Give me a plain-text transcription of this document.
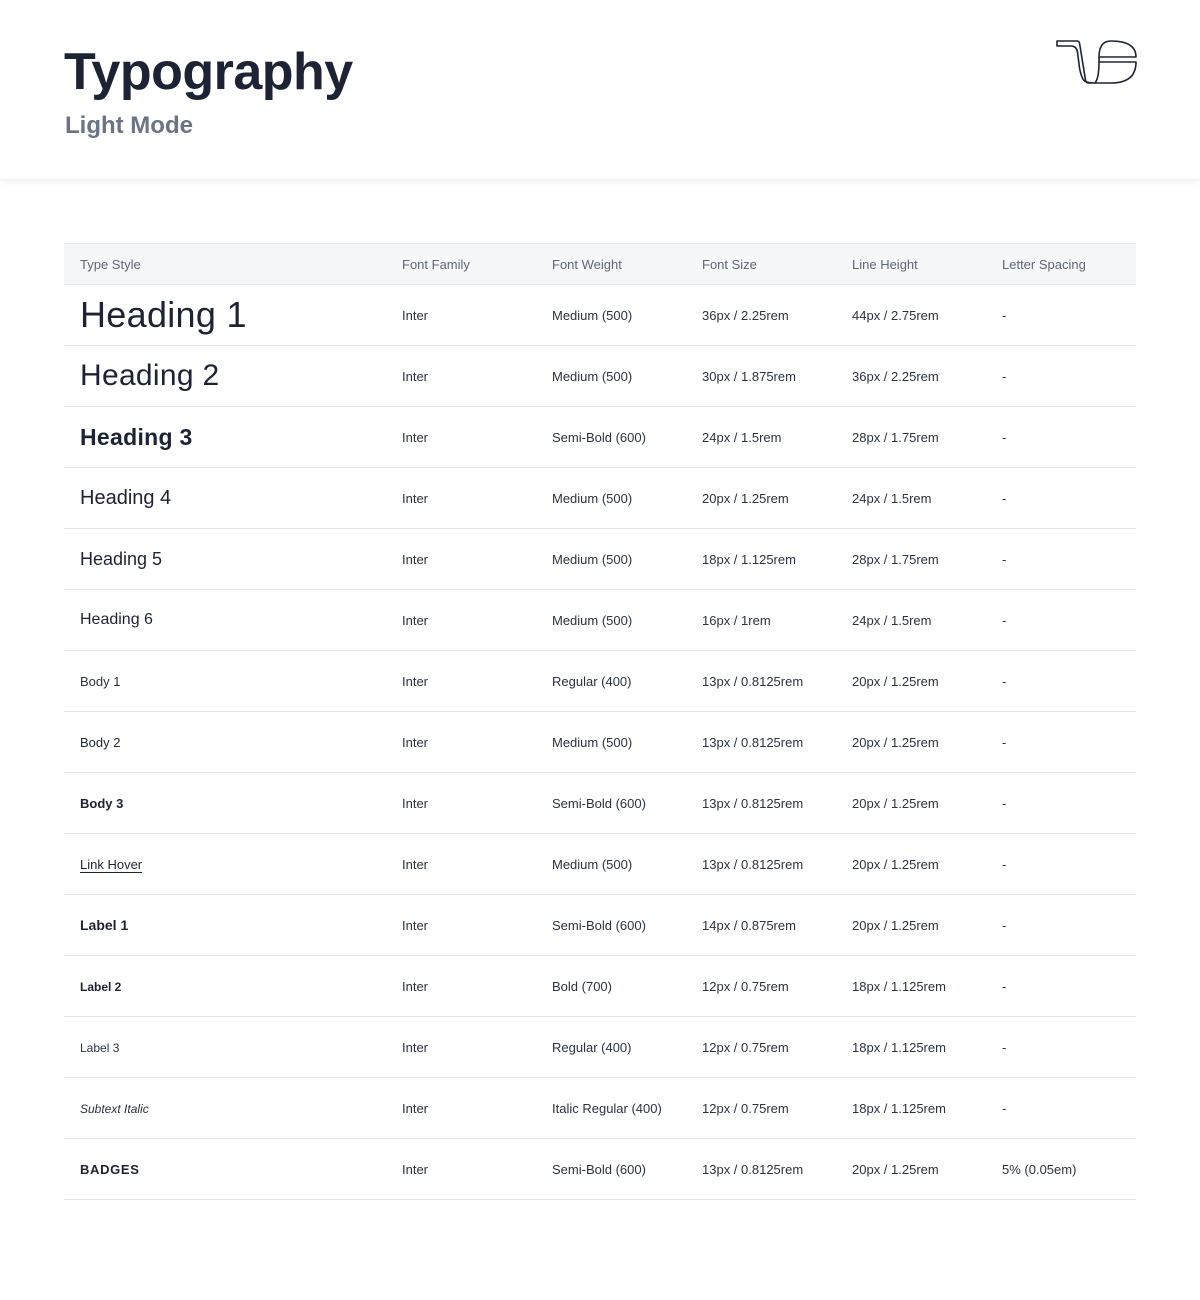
Typography
Light Mode
Type Style	Font Family	Font Weight	Font Size	Line Height	Letter Spacing
Heading 1	Inter	Medium (500)	36px / 2.25rem	44px / 2.75rem	-
Heading 2	Inter	Medium (500)	30px / 1.875rem	36px / 2.25rem	-
Heading 3	Inter	Semi-Bold (600)	24px / 1.5rem	28px / 1.75rem	-
Heading 4	Inter	Medium (500)	20px / 1.25rem	24px / 1.5rem	-
Heading 5	Inter	Medium (500)	18px / 1.125rem	28px / 1.75rem	-
Heading 6	Inter	Medium (500)	16px / 1rem	24px / 1.5rem	-
Body 1	Inter	Regular (400)	13px / 0.8125rem	20px / 1.25rem	-
Body 2	Inter	Medium (500)	13px / 0.8125rem	20px / 1.25rem	-
Body 3	Inter	Semi-Bold (600)	13px / 0.8125rem	20px / 1.25rem	-
Link Hover	Inter	Medium (500)	13px / 0.8125rem	20px / 1.25rem	-
Label 1	Inter	Semi-Bold (600)	14px / 0.875rem	20px / 1.25rem	-
Label 2	Inter	Bold (700)	12px / 0.75rem	18px / 1.125rem	-
Label 3	Inter	Regular (400)	12px / 0.75rem	18px / 1.125rem	-
Subtext Italic	Inter	Italic Regular (400)	12px / 0.75rem	18px / 1.125rem	-
BADGES	Inter	Semi-Bold (600)	13px / 0.8125rem	20px / 1.25rem	5% (0.05em)
